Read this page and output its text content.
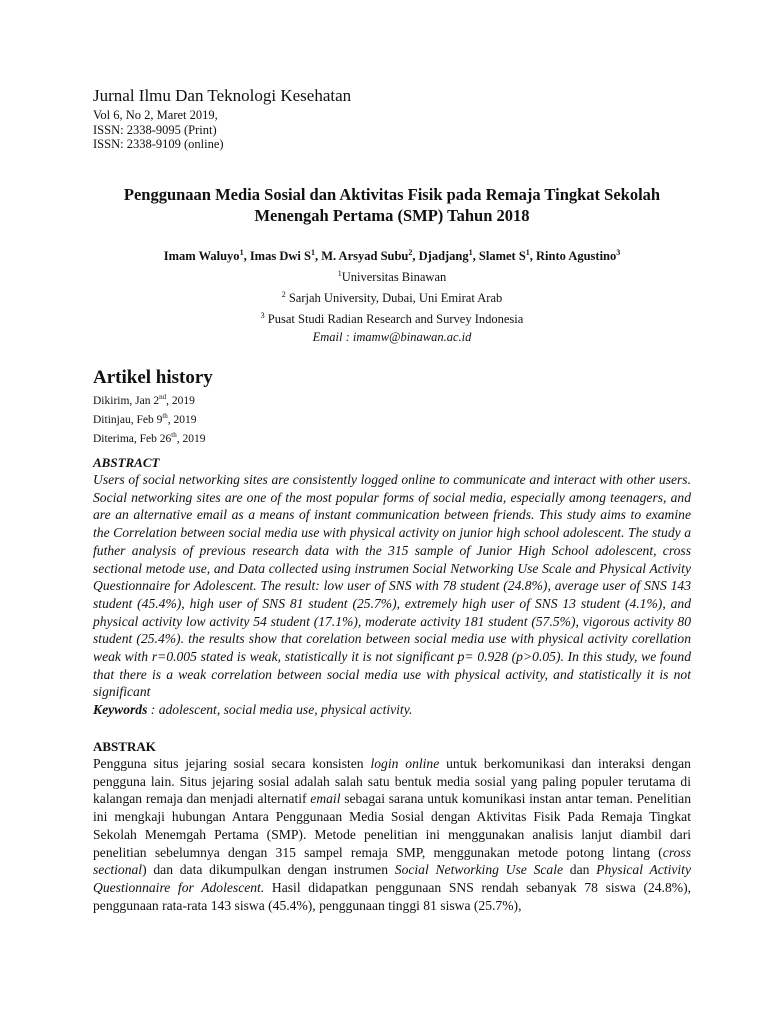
Jurnal Ilmu Dan Teknologi Kesehatan

Vol 6, No 2, Maret 2019,

ISSN: 2338-9095 (Print)

ISSN: 2338-9109 (online)

Penggunaan Media Sosial dan Aktivitas Fisik pada Remaja Tingkat Sekolah
Menengah Pertama (SMP) Tahun 2018
Imam Waluyo$^1$, Imas Dwi $S^1$, M. Arsyad Subu$^2$, Djadjang$^1$, Slamet $S^1$, Rinto Agustino$^3$
$^1$Universitas Binawan
$^2$ Sarjah University, Dubai, Uni Emirat Arab
$^3$ Pusat Studi Radian Research and Survey Indonesia
Email : imamw@binawan.ac.id

Artikel history

Dikirim, Jan 2nd, 2019

Ditinjau, Feb 9th, 2019

Diterima, Feb 26th, 2019

ABSTRACT

Users of social networking sites are consistently logged online to communicate and interact with other users. Social networking sites are one of the most popular forms of social media, especially among teenagers, and are an alternative email as a means of instant communication between friends. This study aims to examine the Correlation between social media use with physical activity on junior high school adolescent. The study a futher analysis of previous research data with the 315 sample of Junior High School adolescent, cross sectional metode use, and Data collected using instrumen Social Networking Use Scale and Physical Activity Questionnaire for Adolescent. The result: low user of SNS with 78 student (24.8%), average user of SNS 143 student (45.4%), high user of SNS 81 student (25.7%), extremely high user of SNS 13 student (4.1%), and physical activity low activity 54 student (17.1%), moderate activity 181 student (57.5%), vigorous activity 80 student (25.4%). the results show that corelation between social media use with physical activity corellation weak with r=0.005 stated is weak, statistically it is not significant p= 0.928 (p>0.05). In this study, we found that there is a weak correlation between social media use with physical activity, and statistically it is not significant

Keywords : adolescent, social media use, physical activity.

ABSTRAK

Pengguna situs jejaring sosial secara konsisten login online untuk berkomunikasi dan interaksi dengan pengguna lain. Situs jejaring sosial adalah salah satu bentuk media sosial yang paling populer terutama di kalangan remaja dan menjadi alternatif email sebagai sarana untuk komunikasi instan antar teman. Penelitian ini mengkaji hubungan Antara Penggunaan Media Sosial dengan Aktivitas Fisik Pada Remaja Tingkat Sekolah Menemgah Pertama (SMP). Metode penelitian ini menggunakan analisis lanjut diambil dari penelitian sebelumnya dengan 315 sampel remaja SMP, menggunakan metode potong lintang (cross sectional) dan data dikumpulkan dengan instrumen Social Networking Use Scale dan Physical Activity Questionnaire for Adolescent. Hasil didapatkan penggunaan SNS rendah sebanyak 78 siswa (24.8%), penggunaan rata-rata 143 siswa (45.4%), penggunaan tinggi 81 siswa (25.7%),
